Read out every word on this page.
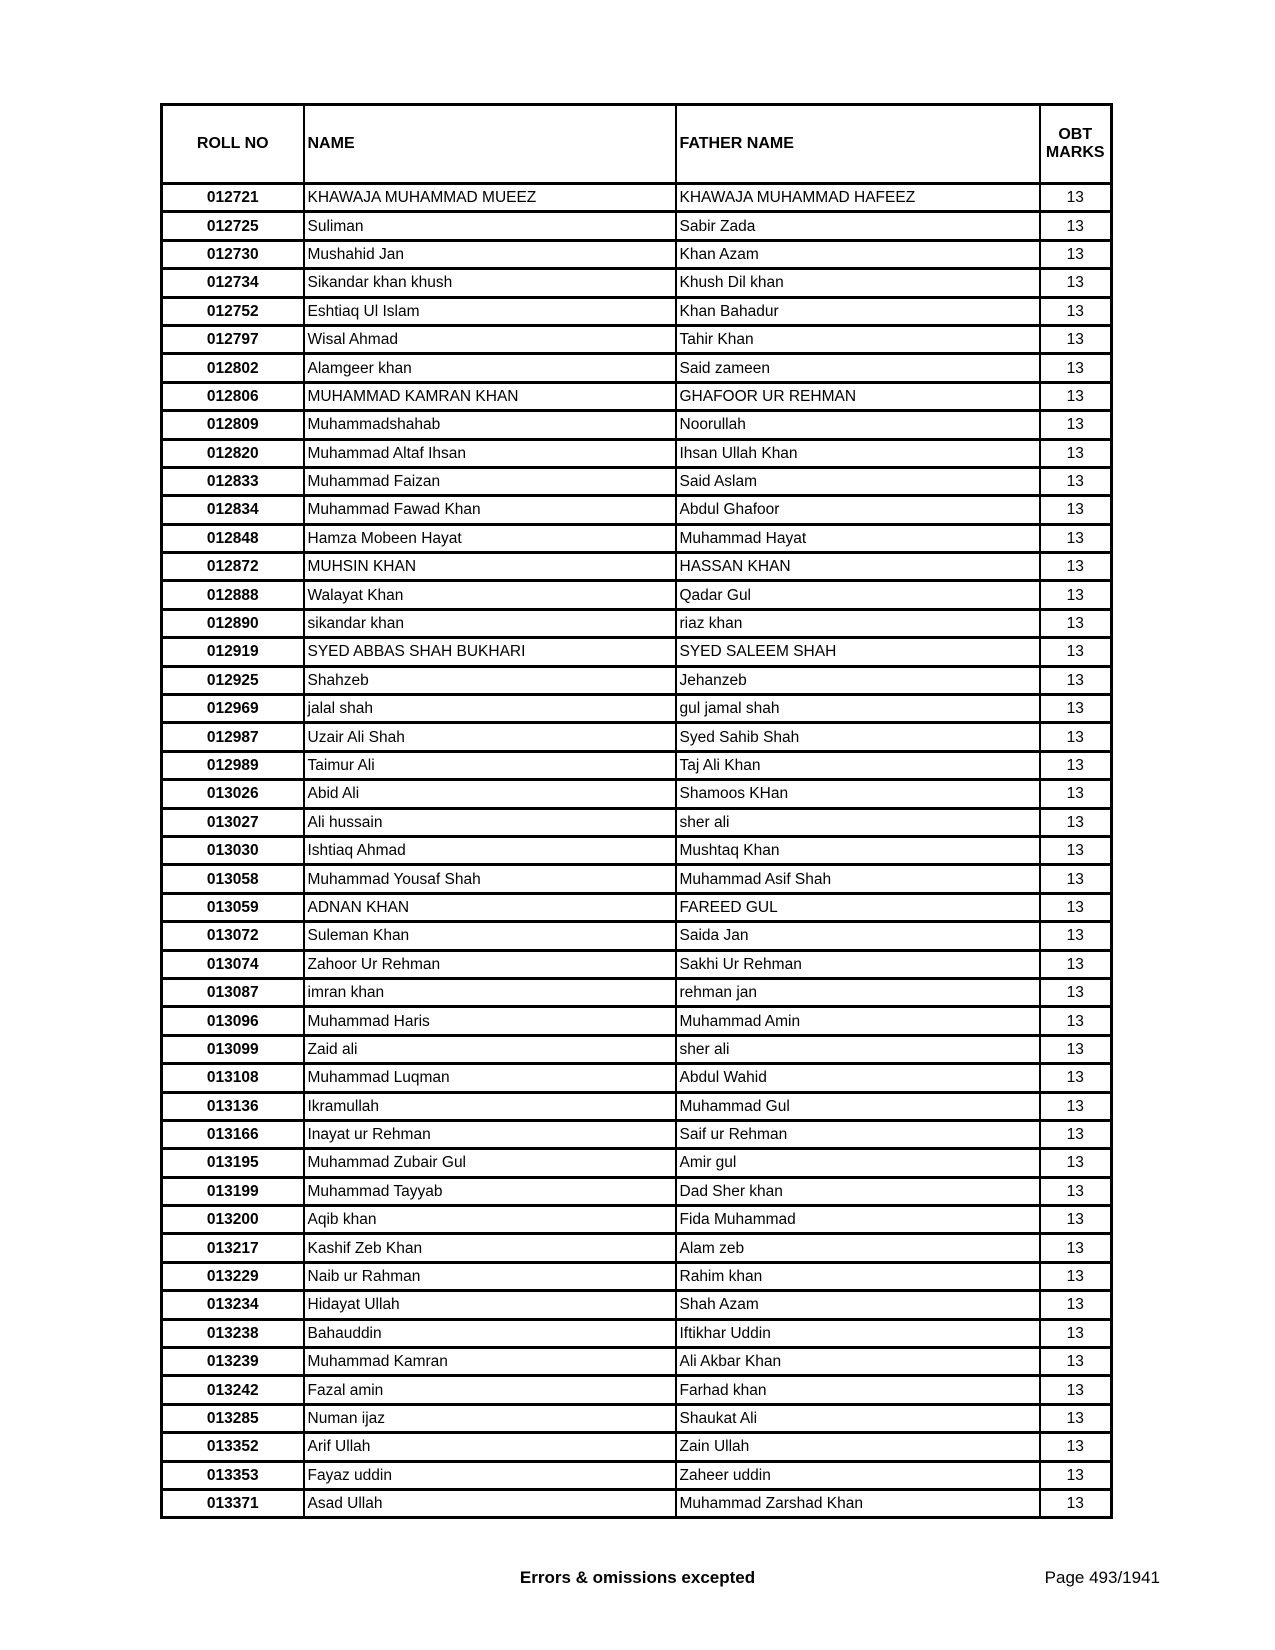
ROLL NO	NAME	FATHER NAME	OBT MARKS
012721	KHAWAJA MUHAMMAD MUEEZ	KHAWAJA MUHAMMAD HAFEEZ	13
012725	Suliman	Sabir Zada	13
012730	Mushahid Jan	Khan Azam	13
012734	Sikandar khan khush	Khush Dil khan	13
012752	Eshtiaq Ul Islam	Khan Bahadur	13
012797	Wisal Ahmad	Tahir Khan	13
012802	Alamgeer khan	Said zameen	13
012806	MUHAMMAD KAMRAN KHAN	GHAFOOR UR REHMAN	13
012809	Muhammadshahab	Noorullah	13
012820	Muhammad Altaf Ihsan	Ihsan Ullah Khan	13
012833	Muhammad Faizan	Said Aslam	13
012834	Muhammad Fawad Khan	Abdul Ghafoor	13
012848	Hamza Mobeen Hayat	Muhammad Hayat	13
012872	MUHSIN KHAN	HASSAN KHAN	13
012888	Walayat Khan	Qadar Gul	13
012890	sikandar khan	riaz khan	13
012919	SYED ABBAS SHAH BUKHARI	SYED SALEEM SHAH	13
012925	Shahzeb	Jehanzeb	13
012969	jalal shah	gul jamal shah	13
012987	Uzair Ali Shah	Syed Sahib Shah	13
012989	Taimur Ali	Taj Ali Khan	13
013026	Abid Ali	Shamoos KHan	13
013027	Ali hussain	sher ali	13
013030	Ishtiaq Ahmad	Mushtaq Khan	13
013058	Muhammad Yousaf Shah	Muhammad Asif Shah	13
013059	ADNAN KHAN	FAREED GUL	13
013072	Suleman Khan	Saida Jan	13
013074	Zahoor Ur Rehman	Sakhi Ur Rehman	13
013087	imran khan	rehman jan	13
013096	Muhammad Haris	Muhammad Amin	13
013099	Zaid ali	sher ali	13
013108	Muhammad Luqman	Abdul Wahid	13
013136	Ikramullah	Muhammad Gul	13
013166	Inayat ur Rehman	Saif ur Rehman	13
013195	Muhammad Zubair Gul	Amir gul	13
013199	Muhammad Tayyab	Dad Sher khan	13
013200	Aqib khan	Fida Muhammad	13
013217	Kashif Zeb Khan	Alam zeb	13
013229	Naib ur Rahman	Rahim khan	13
013234	Hidayat Ullah	Shah Azam	13
013238	Bahauddin	Iftikhar Uddin	13
013239	Muhammad Kamran	Ali Akbar Khan	13
013242	Fazal amin	Farhad khan	13
013285	Numan ijaz	Shaukat Ali	13
013352	Arif Ullah	Zain Ullah	13
013353	Fayaz uddin	Zaheer uddin	13
013371	Asad Ullah	Muhammad Zarshad Khan	13
Errors & omissions excepted	Page 493/1941
